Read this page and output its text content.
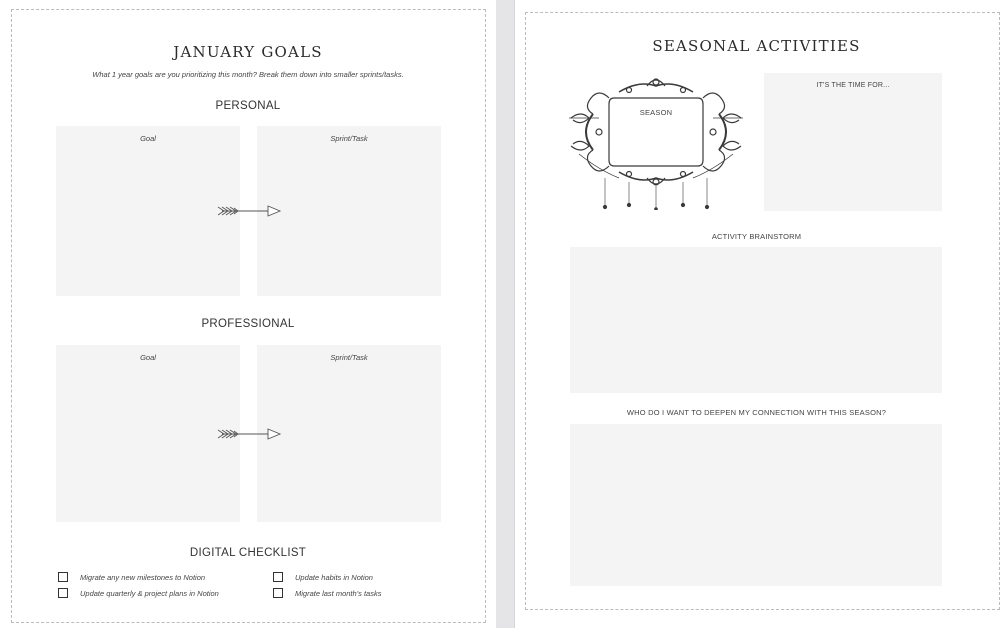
JANUARY GOALS
What 1 year goals are you prioritizing this month? Break them down into smaller sprints/tasks.
PERSONAL
Goal	Sprint/Task
PROFESSIONAL
Goal	Sprint/Task
DIGITAL CHECKLIST
Migrate any new milestones to Notion	Update habits in Notion
Update quarterly & project plans in Notion	Migrate last month's tasks
SEASONAL ACTIVITIES
SEASON
IT'S THE TIME FOR...
ACTIVITY BRAINSTORM
WHO DO I WANT TO DEEPEN MY CONNECTION WITH THIS SEASON?
